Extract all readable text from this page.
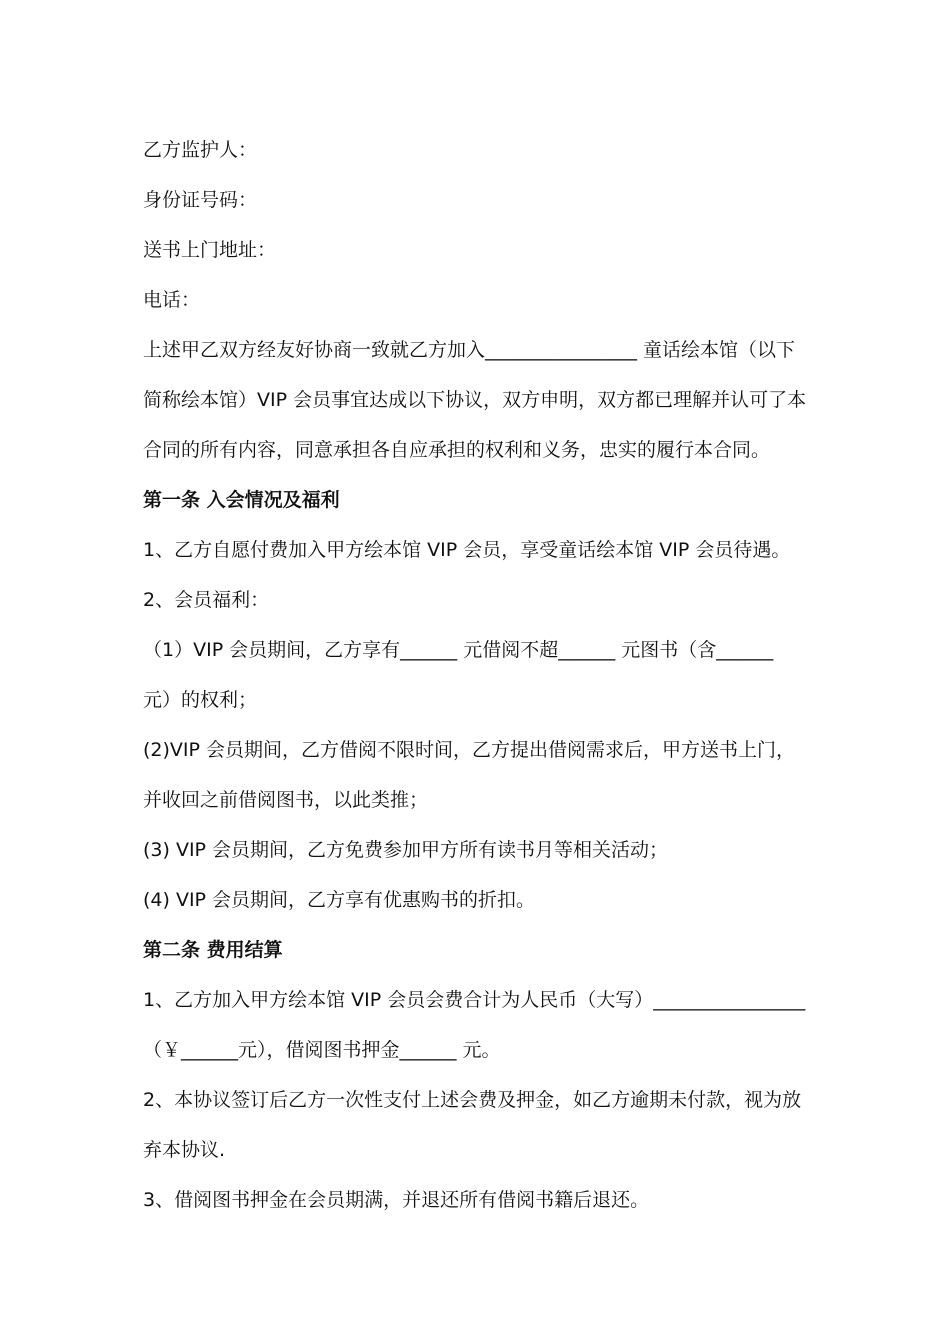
乙方监护人：
身份证号码：
送书上门地址：
电话：
上述甲乙双方经友好协商一致就乙方加入________________ 童话绘本馆（以下
简称绘本馆）VIP 会员事宜达成以下协议，双方申明，双方都已理解并认可了本
合同的所有内容，同意承担各自应承担的权利和义务，忠实的履行本合同。
第一条 入会情况及福利
1、乙方自愿付费加入甲方绘本馆 VIP 会员，享受童话绘本馆 VIP 会员待遇。
2、会员福利：
（1）VIP 会员期间，乙方享有______ 元借阅不超______ 元图书（含______
元）的权利；
(2)VIP 会员期间，乙方借阅不限时间，乙方提出借阅需求后，甲方送书上门，
并收回之前借阅图书，以此类推；
(3) VIP 会员期间，乙方免费参加甲方所有读书月等相关活动；
(4) VIP 会员期间，乙方享有优惠购书的折扣。
第二条 费用结算
1、乙方加入甲方绘本馆 VIP 会员会费合计为人民币（大写）________________
（￥______元），借阅图书押金______ 元。
2、本协议签订后乙方一次性支付上述会费及押金，如乙方逾期未付款，视为放
弃本协议.
3、借阅图书押金在会员期满，并退还所有借阅书籍后退还。
